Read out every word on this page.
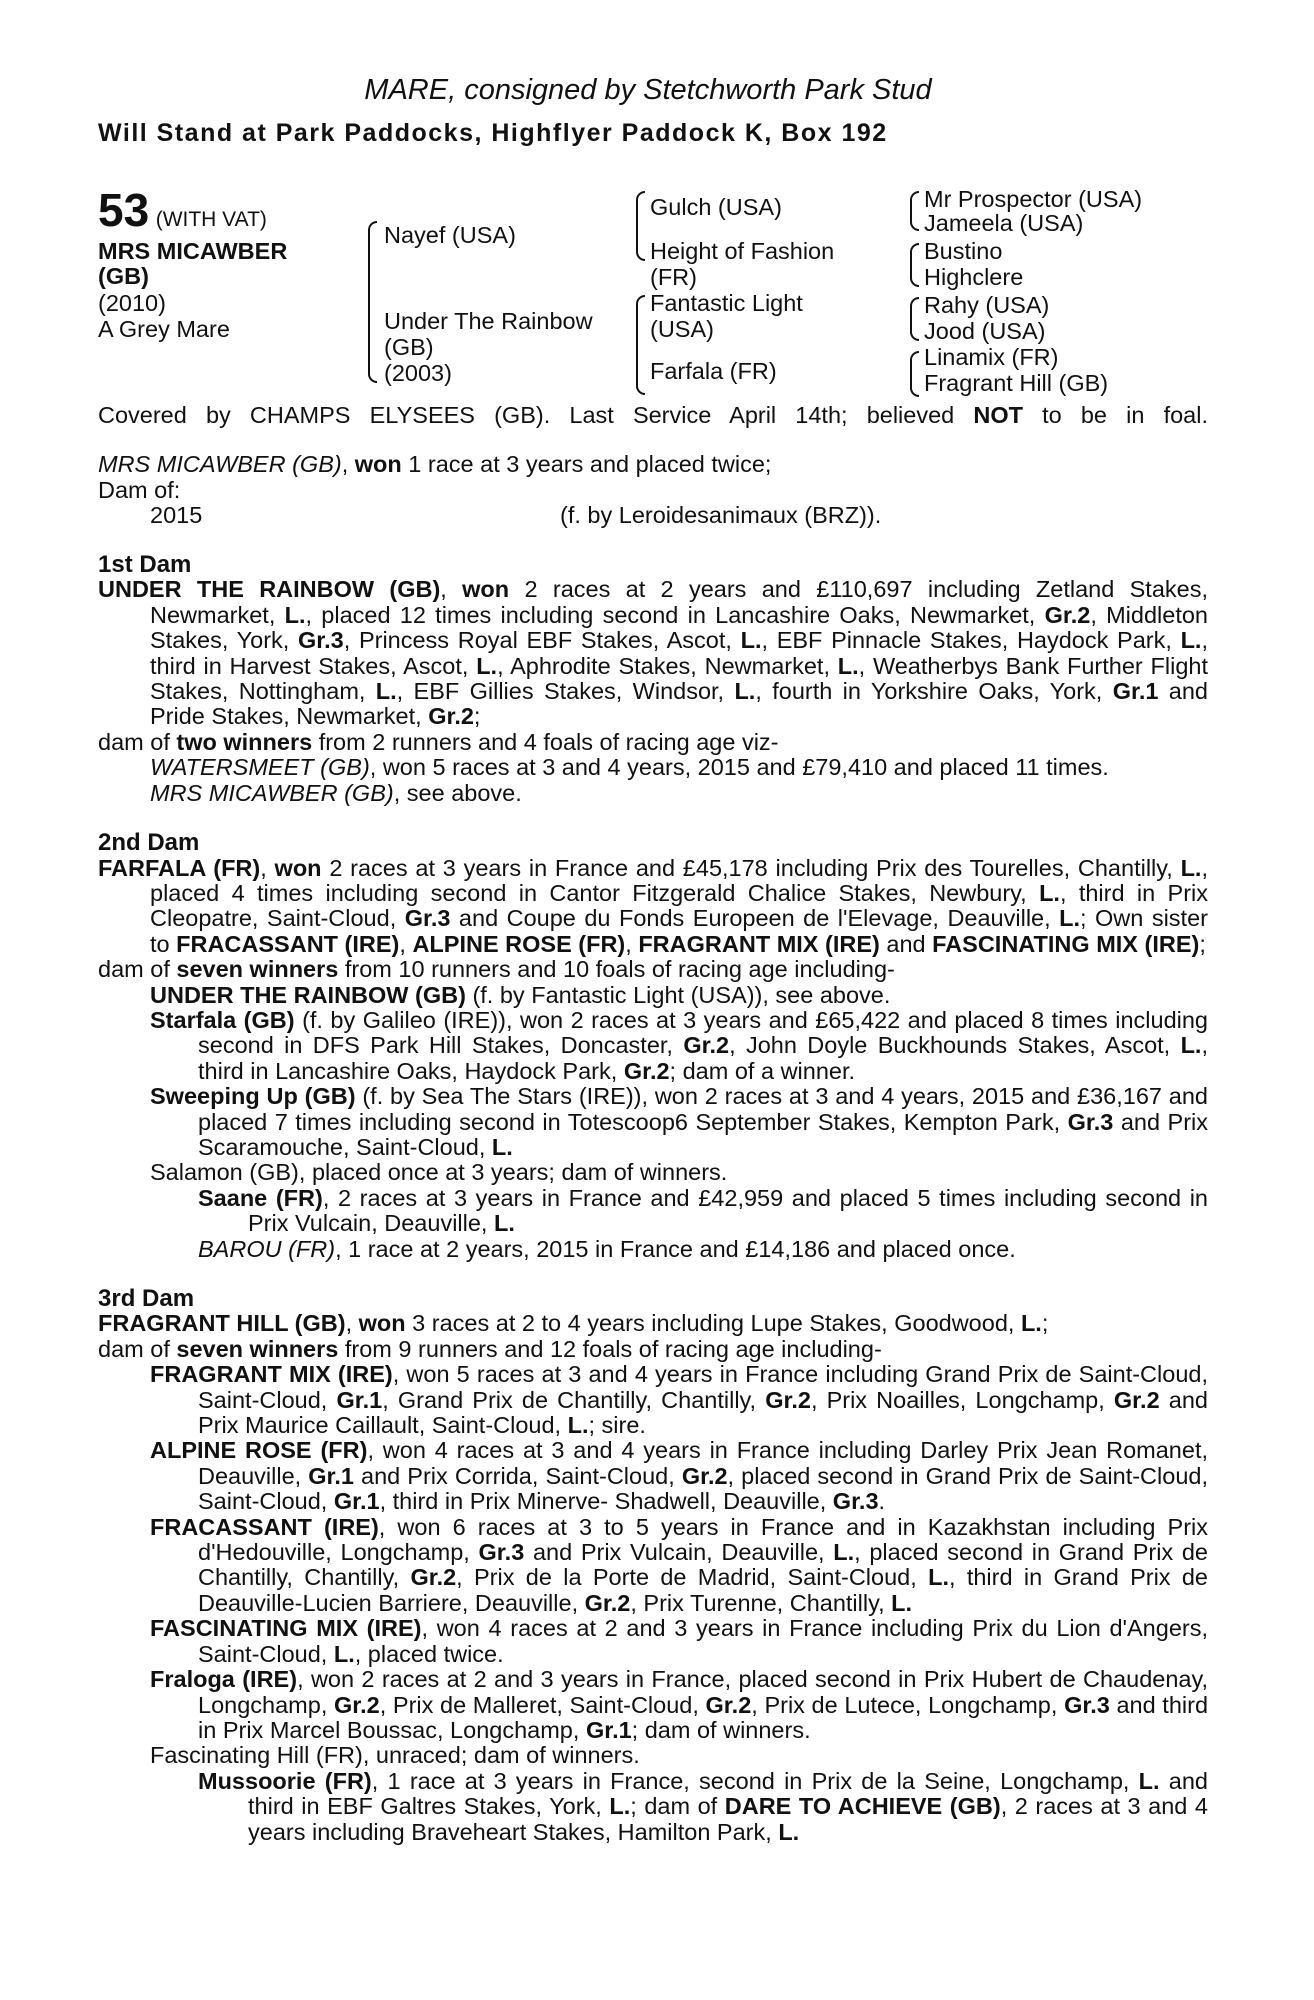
MARE, consigned by Stetchworth Park Stud
Will Stand at Park Paddocks, Highflyer Paddock K, Box 192
53 (WITH VAT)
MRS MICAWBER
(GB)
(2010)
A Grey Mare
Nayef (USA)
Under The Rainbow
(GB)
(2003)
Gulch (USA)
Height of Fashion
(FR)
Fantastic Light
(USA)
Farfala (FR)
Mr Prospector (USA)
Jameela (USA)
Bustino
Highclere
Rahy (USA)
Jood (USA)
Linamix (FR)
Fragrant Hill (GB)

Covered by CHAMPS ELYSEES (GB). Last Service April 14th; believed NOT to be in foal.

MRS MICAWBER (GB), won 1 race at 3 years and placed twice;

Dam of:

2015	(f. by Leroidesanimaux (BRZ)).

1st Dam

UNDER THE RAINBOW (GB), won 2 races at 2 years and £110,697 including Zetland Stakes, Newmarket, L., placed 12 times including second in Lancashire Oaks, Newmarket, Gr.2, Middleton Stakes, York, Gr.3, Princess Royal EBF Stakes, Ascot, L., EBF Pinnacle Stakes, Haydock Park, L., third in Harvest Stakes, Ascot, L., Aphrodite Stakes, Newmarket, L., Weatherbys Bank Further Flight Stakes, Nottingham, L., EBF Gillies Stakes, Windsor, L., fourth in Yorkshire Oaks, York, Gr.1 and Pride Stakes, Newmarket, Gr.2;

dam of two winners from 2 runners and 4 foals of racing age viz-

WATERSMEET (GB), won 5 races at 3 and 4 years, 2015 and £79,410 and placed 11 times.

MRS MICAWBER (GB), see above.

2nd Dam

FARFALA (FR), won 2 races at 3 years in France and £45,178 including Prix des Tourelles, Chantilly, L., placed 4 times including second in Cantor Fitzgerald Chalice Stakes, Newbury, L., third in Prix Cleopatre, Saint-Cloud, Gr.3 and Coupe du Fonds Europeen de l'Elevage, Deauville, L.; Own sister to FRACASSANT (IRE), ALPINE ROSE (FR), FRAGRANT MIX (IRE) and FASCINATING MIX (IRE);

dam of seven winners from 10 runners and 10 foals of racing age including-

UNDER THE RAINBOW (GB) (f. by Fantastic Light (USA)), see above.

Starfala (GB) (f. by Galileo (IRE)), won 2 races at 3 years and £65,422 and placed 8 times including second in DFS Park Hill Stakes, Doncaster, Gr.2, John Doyle Buckhounds Stakes, Ascot, L., third in Lancashire Oaks, Haydock Park, Gr.2; dam of a winner.

Sweeping Up (GB) (f. by Sea The Stars (IRE)), won 2 races at 3 and 4 years, 2015 and £36,167 and placed 7 times including second in Totescoop6 September Stakes, Kempton Park, Gr.3 and Prix Scaramouche, Saint-Cloud, L.

Salamon (GB), placed once at 3 years; dam of winners.

Saane (FR), 2 races at 3 years in France and £42,959 and placed 5 times including second in Prix Vulcain, Deauville, L.

BAROU (FR), 1 race at 2 years, 2015 in France and £14,186 and placed once.

3rd Dam

FRAGRANT HILL (GB), won 3 races at 2 to 4 years including Lupe Stakes, Goodwood, L.;

dam of seven winners from 9 runners and 12 foals of racing age including-

FRAGRANT MIX (IRE), won 5 races at 3 and 4 years in France including Grand Prix de Saint-Cloud, Saint-Cloud, Gr.1, Grand Prix de Chantilly, Chantilly, Gr.2, Prix Noailles, Longchamp, Gr.2 and Prix Maurice Caillault, Saint-Cloud, L.; sire.

ALPINE ROSE (FR), won 4 races at 3 and 4 years in France including Darley Prix Jean Romanet, Deauville, Gr.1 and Prix Corrida, Saint-Cloud, Gr.2, placed second in Grand Prix de Saint-Cloud, Saint-Cloud, Gr.1, third in Prix Minerve- Shadwell, Deauville, Gr.3.

FRACASSANT (IRE), won 6 races at 3 to 5 years in France and in Kazakhstan including Prix d'Hedouville, Longchamp, Gr.3 and Prix Vulcain, Deauville, L., placed second in Grand Prix de Chantilly, Chantilly, Gr.2, Prix de la Porte de Madrid, Saint-Cloud, L., third in Grand Prix de Deauville-Lucien Barriere, Deauville, Gr.2, Prix Turenne, Chantilly, L.

FASCINATING MIX (IRE), won 4 races at 2 and 3 years in France including Prix du Lion d'Angers, Saint-Cloud, L., placed twice.

Fraloga (IRE), won 2 races at 2 and 3 years in France, placed second in Prix Hubert de Chaudenay, Longchamp, Gr.2, Prix de Malleret, Saint-Cloud, Gr.2, Prix de Lutece, Longchamp, Gr.3 and third in Prix Marcel Boussac, Longchamp, Gr.1; dam of winners.

Fascinating Hill (FR), unraced; dam of winners.

Mussoorie (FR), 1 race at 3 years in France, second in Prix de la Seine, Longchamp, L. and third in EBF Galtres Stakes, York, L.; dam of DARE TO ACHIEVE (GB), 2 races at 3 and 4 years including Braveheart Stakes, Hamilton Park, L.
